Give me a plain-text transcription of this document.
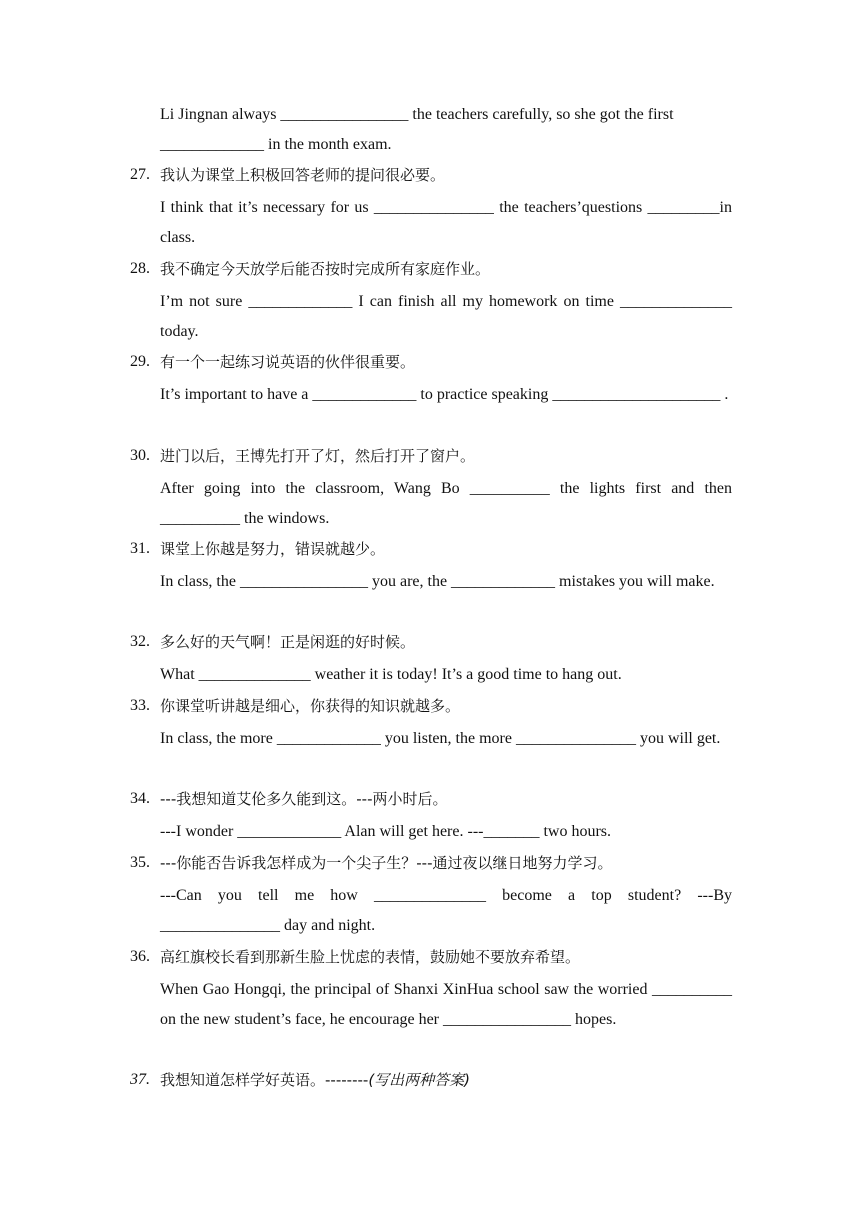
Li Jingnan always ________________ the teachers carefully, so she got the first _____________ in the month exam.
27. 我认为课堂上积极回答老师的提问很必要。
I think that it’s necessary for us _______________ the teachers’questions _________in class.
28. 我不确定今天放学后能否按时完成所有家庭作业。
I’m not sure _____________ I can finish all my homework on time ______________ today.
29. 有一个一起练习说英语的伙伴很重要。
It’s important to have a _____________ to practice speaking _____________________ .
30. 进门以后，王博先打开了灯，然后打开了窗户。
After going into the classroom, Wang Bo __________ the lights first and then __________ the windows.
31. 课堂上你越是努力，错误就越少。
In class, the ________________ you are, the _____________ mistakes you will make.
32. 多么好的天气啊！正是闲逛的好时候。
What ______________ weather it is today! It’s a good time to hang out.
33. 你课堂听讲越是细心，你获得的知识就越多。
In class, the more _____________ you listen, the more _______________ you will get.
34. ---我想知道艾伦多久能到这。---两小时后。
---I wonder _____________ Alan will get here. ---_______ two hours.
35. ---你能否告诉我怎样成为一个尖子生？---通过夜以继日地努力学习。
---Can you tell me how ______________ become a top student? ---By _______________ day and night.
36. 高红旗校长看到那新生脸上忧虑的表情，鼓励她不要放弃希望。
When Gao Hongqi, the principal of Shanxi XinHua school saw the worried __________ on the new student’s face, he encourage her ________________ hopes.
37. 我想知道怎样学好英语。--------(写出两种答案)
